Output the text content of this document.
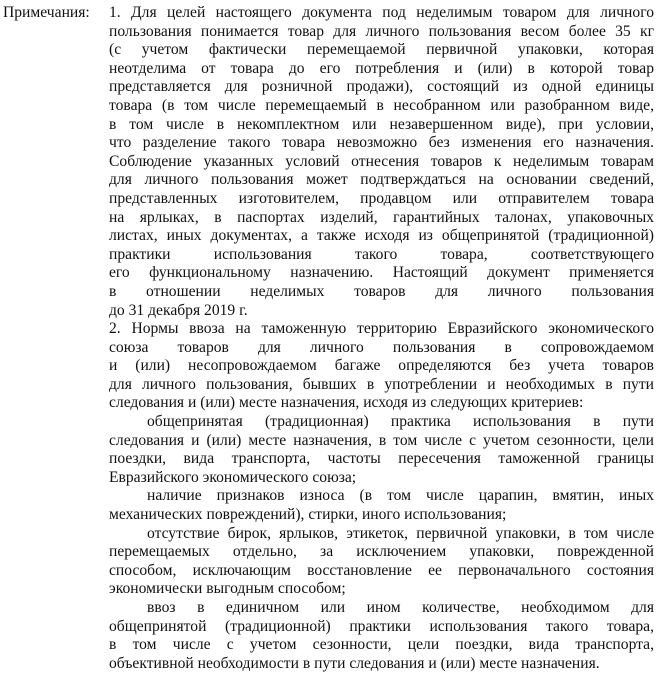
Примечания: 1. Для целей настоящего документа под неделимым товаром для личного
пользования понимается товар для личного пользования весом более 35 кг
(с учетом фактически перемещаемой первичной упаковки, которая
неотделима от товара до его потребления и (или) в которой товар
представляется для розничной продажи), состоящий из одной единицы
товара (в том числе перемещаемый в несобранном или разобранном виде,
в том числе в некомплектном или незавершенном виде), при условии,
что разделение такого товара невозможно без изменения его назначения.
Соблюдение указанных условий отнесения товаров к неделимым товарам
для личного пользования может подтверждаться на основании сведений,
представленных изготовителем, продавцом или отправителем товара
на ярлыках, в паспортах изделий, гарантийных талонах, упаковочных
листах, иных документах, а также исходя из общепринятой (традиционной)
практики использования такого товара, соответствующего
его функциональному назначению. Настоящий документ применяется
в отношении неделимых товаров для личного пользования
до 31 декабря 2019 г.
2. Нормы ввоза на таможенную территорию Евразийского экономического
союза товаров для личного пользования в сопровождаемом
и (или) несопровождаемом багаже определяются без учета товаров
для личного пользования, бывших в употреблении и необходимых в пути
следования и (или) месте назначения, исходя из следующих критериев:
общепринятая (традиционная) практика использования в пути
следования и (или) месте назначения, в том числе с учетом сезонности, цели
поездки, вида транспорта, частоты пересечения таможенной границы
Евразийского экономического союза;
наличие признаков износа (в том числе царапин, вмятин, иных
механических повреждений), стирки, иного использования;
отсутствие бирок, ярлыков, этикеток, первичной упаковки, в том числе
перемещаемых отдельно, за исключением упаковки, поврежденной
способом, исключающим восстановление ее первоначального состояния
экономически выгодным способом;
ввоз в единичном или ином количестве, необходимом для
общепринятой (традиционной) практики использования такого товара,
в том числе с учетом сезонности, цели поездки, вида транспорта,
объективной необходимости в пути следования и (или) месте назначения.
